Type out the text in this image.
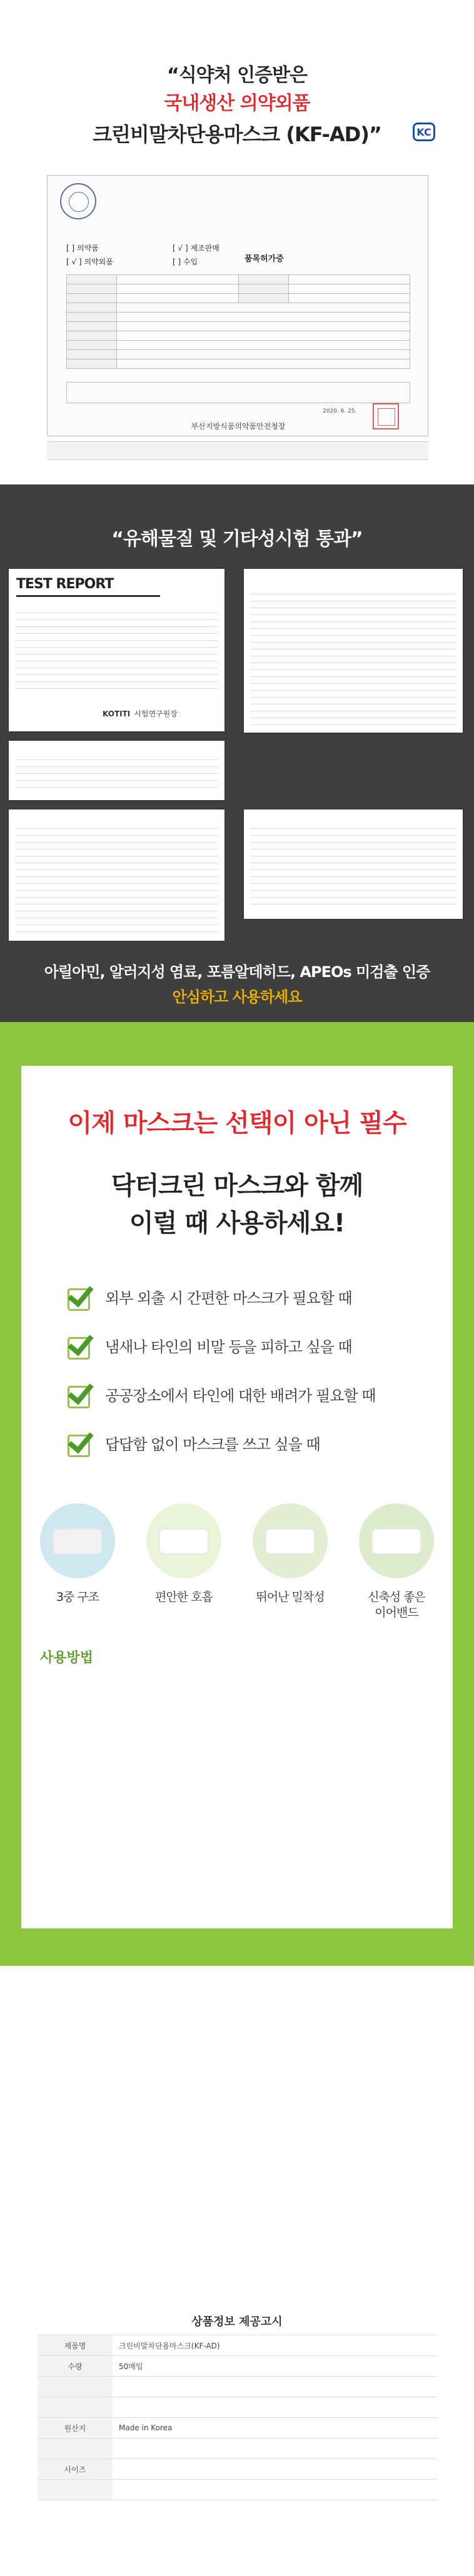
“식약처 인증받은
국내생산 의약외품
크린비말차단용마스크 (KF-AD)”	KC
[ ] 의약품	[ √ ] 제조판매
[ √ ] 의약외품	[ ] 수입	품목허가증

2020. 6. 25.
부산지방식품의약품안전청장
“유해물질 및 기타성시험 통과”
TEST REPORT
KOTITI 시험연구원장
아릴아민, 알러지성 염료, 포름알데히드, APEOs 미검출 인증
안심하고 사용하세요
이제 마스크는 선택이 아닌 필수
닥터크린 마스크와 함께
이럴 때 사용하세요!
외부 외출 시 간편한 마스크가 필요할 때
냄새나 타인의 비말 등을 피하고 싶을 때
공공장소에서 타인에 대한 배려가 필요할 때
답답함 없이 마스크를 쓰고 싶을 때
3중 구조	편안한 호흡	뛰어난 밀착성	신축성 좋은
이어밴드
사용방법
상품정보 제공고시
제품명	크린비말차단용마스크(KF-AD)
수량	50매입

원산지	Made in Korea

사이즈	
